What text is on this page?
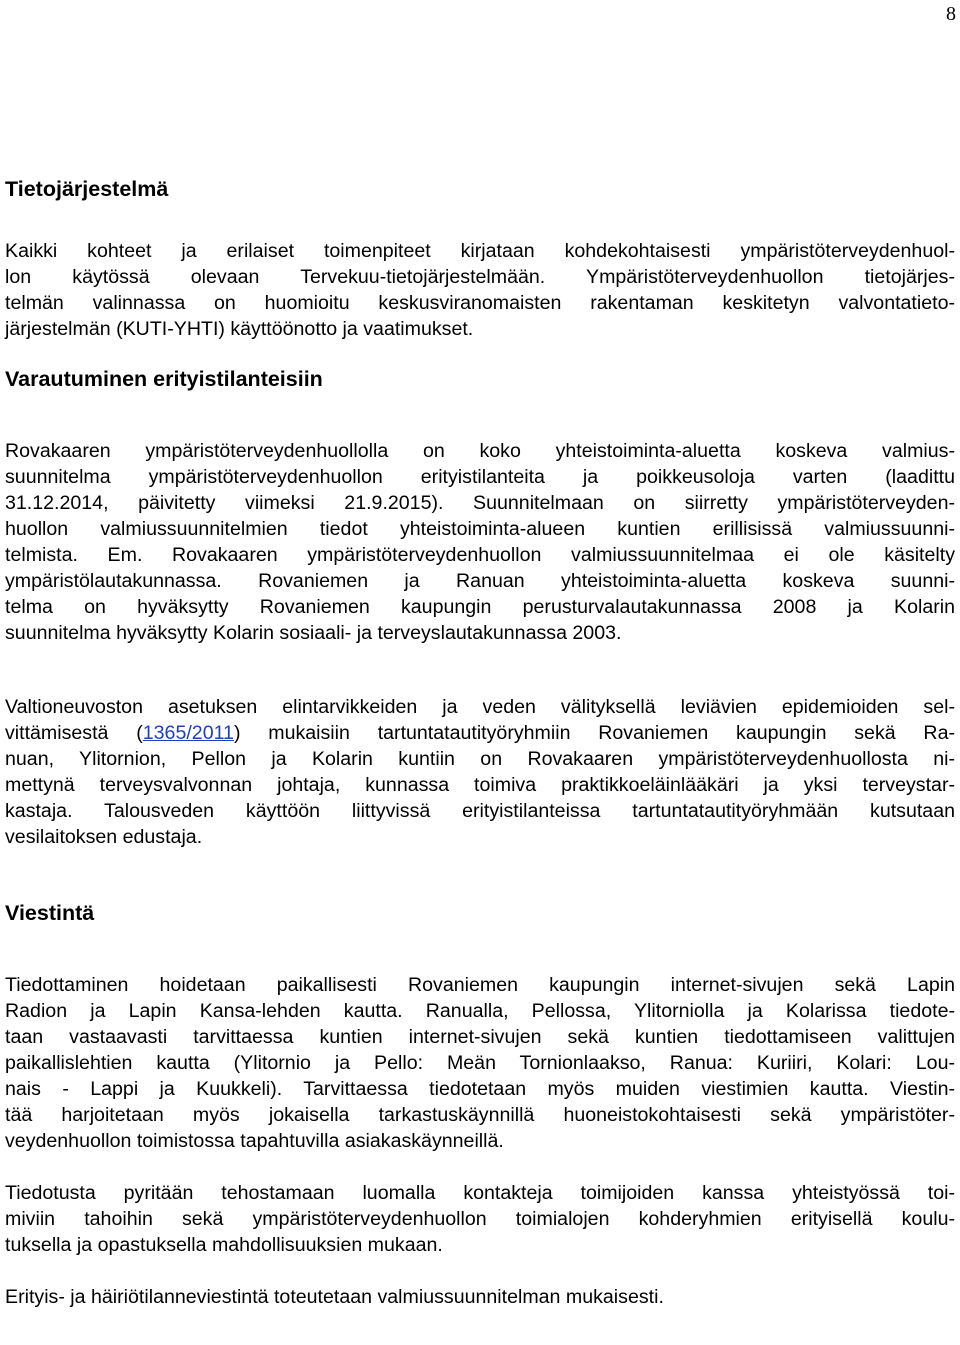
8
Tietojärjestelmä

Kaikki kohteet ja erilaiset toimenpiteet kirjataan kohdekohtaisesti ympäristöterveydenhuol-
lon käytössä olevaan Tervekuu-tietojärjestelmään. Ympäristöterveydenhuollon tietojärjes-
telmän valinnassa on huomioitu keskusviranomaisten rakentaman keskitetyn valvontatieto-
järjestelmän (KUTI-YHTI) käyttöönotto ja vaatimukset.

Varautuminen erityistilanteisiin

Rovakaaren ympäristöterveydenhuollolla on koko yhteistoiminta-aluetta koskeva valmius-
suunnitelma ympäristöterveydenhuollon erityistilanteita ja poikkeusoloja varten (laadittu
31.12.2014, päivitetty viimeksi 21.9.2015). Suunnitelmaan on siirretty ympäristöterveyden-
huollon valmiussuunnitelmien tiedot yhteistoiminta-alueen kuntien erillisissä valmiussuunni-
telmista. Em. Rovakaaren ympäristöterveydenhuollon valmiussuunnitelmaa ei ole käsitelty
ympäristölautakunnassa. Rovaniemen ja Ranuan yhteistoiminta-aluetta koskeva suunni-
telma on hyväksytty Rovaniemen kaupungin perusturvalautakunnassa 2008 ja Kolarin
suunnitelma hyväksytty Kolarin sosiaali- ja terveyslautakunnassa 2003.

Valtioneuvoston asetuksen elintarvikkeiden ja veden välityksellä leviävien epidemioiden sel-
vittämisestä (1365/2011) mukaisiin tartuntatautityöryhmiin Rovaniemen kaupungin sekä Ra-
nuan, Ylitornion, Pellon ja Kolarin kuntiin on Rovakaaren ympäristöterveydenhuollosta ni-
mettynä terveysvalvonnan johtaja, kunnassa toimiva praktikkoeläinlääkäri ja yksi terveystar-
kastaja. Talousveden käyttöön liittyvissä erityistilanteissa tartuntatautityöryhmään kutsutaan
vesilaitoksen edustaja.

Viestintä

Tiedottaminen hoidetaan paikallisesti Rovaniemen kaupungin internet-sivujen sekä Lapin
Radion ja Lapin Kansa-lehden kautta. Ranualla, Pellossa, Ylitorniolla ja Kolarissa tiedote-
taan vastaavasti tarvittaessa kuntien internet-sivujen sekä kuntien tiedottamiseen valittujen
paikallislehtien kautta (Ylitornio ja Pello: Meän Tornionlaakso, Ranua: Kuriiri, Kolari: Lou-
nais - Lappi ja Kuukkeli). Tarvittaessa tiedotetaan myös muiden viestimien kautta. Viestin-
tää harjoitetaan myös jokaisella tarkastuskäynnillä huoneistokohtaisesti sekä ympäristöter-
veydenhuollon toimistossa tapahtuvilla asiakaskäynneillä.

Tiedotusta pyritään tehostamaan luomalla kontakteja toimijoiden kanssa yhteistyössä toi-
miviin tahoihin sekä ympäristöterveydenhuollon toimialojen kohderyhmien erityisellä koulu-
tuksella ja opastuksella mahdollisuuksien mukaan.

Erityis- ja häiriötilanneviestintä toteutetaan valmiussuunnitelman mukaisesti.
